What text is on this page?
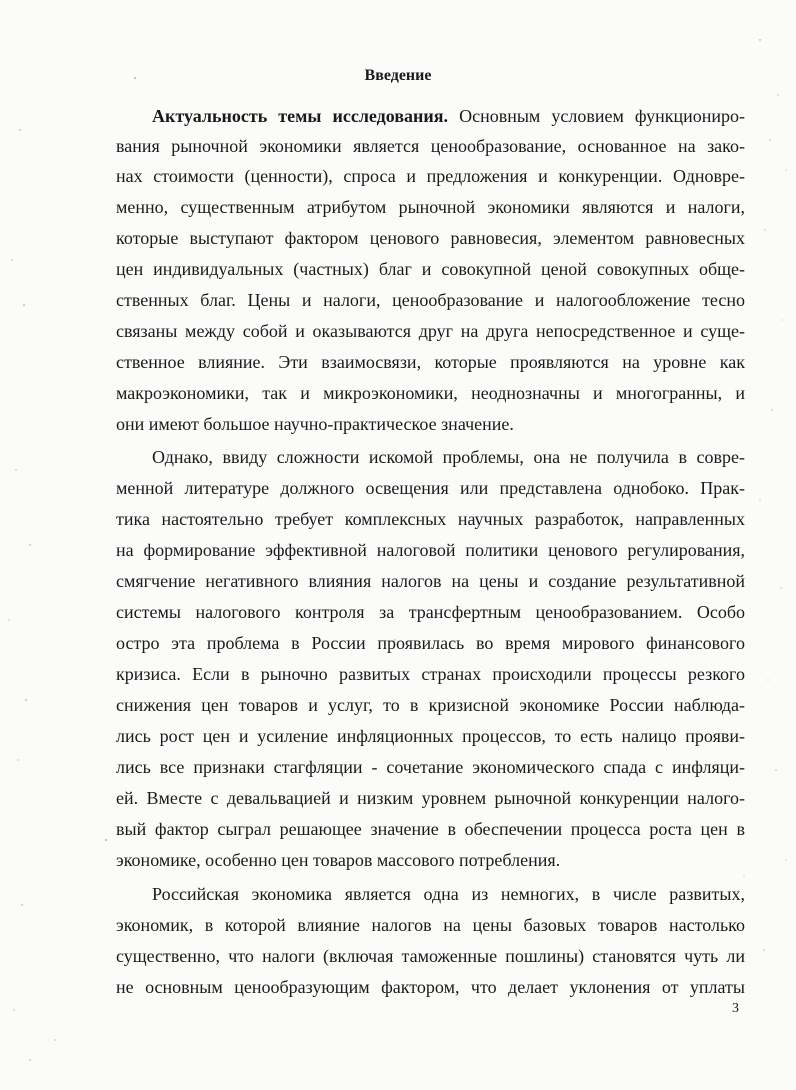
Введение
Актуальность темы исследования. Основным условием функциониро-
вания рыночной экономики является ценообразование, основанное на зако-
нах стоимости (ценности), спроса и предложения и конкуренции. Одновре-
менно, существенным атрибутом рыночной экономики являются и налоги,
которые выступают фактором ценового равновесия, элементом равновесных
цен индивидуальных (частных) благ и совокупной ценой совокупных обще-
ственных благ. Цены и налоги, ценообразование и налогообложение тесно
связаны между собой и оказываются друг на друга непосредственное и суще-
ственное влияние. Эти взаимосвязи, которые проявляются на уровне как
макроэкономики, так и микроэкономики, неоднозначны и многогранны, и
они имеют большое научно-практическое значение.
Однако, ввиду сложности искомой проблемы, она не получила в совре-
менной литературе должного освещения или представлена однобоко. Прак-
тика настоятельно требует комплексных научных разработок, направленных
на формирование эффективной налоговой политики ценового регулирования,
смягчение негативного влияния налогов на цены и создание результативной
системы налогового контроля за трансфертным ценообразованием. Особо
остро эта проблема в России проявилась во время мирового финансового
кризиса. Если в рыночно развитых странах происходили процессы резкого
снижения цен товаров и услуг, то в кризисной экономике России наблюда-
лись рост цен и усиление инфляционных процессов, то есть налицо прояви-
лись все признаки стагфляции - сочетание экономического спада с инфляци-
ей. Вместе с девальвацией и низким уровнем рыночной конкуренции налого-
вый фактор сыграл решающее значение в обеспечении процесса роста цен в
экономике, особенно цен товаров массового потребления.
Российская экономика является одна из немногих, в числе развитых,
экономик, в которой влияние налогов на цены базовых товаров настолько
существенно, что налоги (включая таможенные пошлины) становятся чуть ли
не основным ценообразующим фактором, что делает уклонения от уплаты
3
